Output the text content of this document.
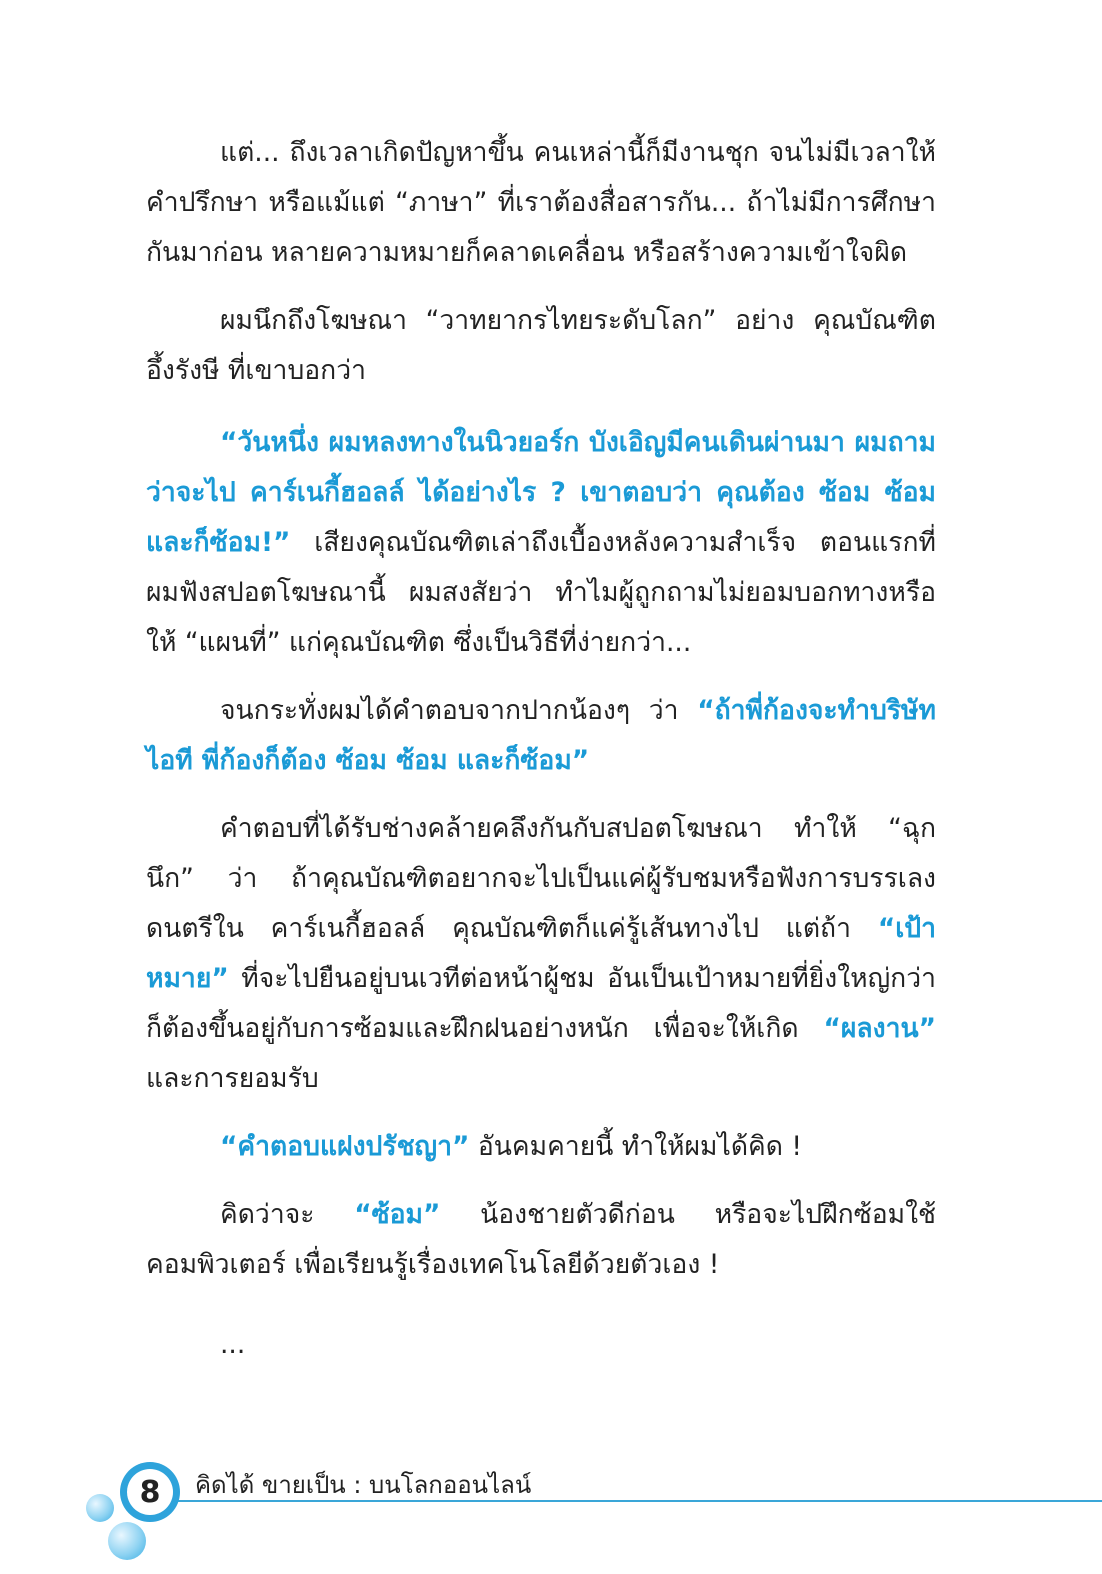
แต่... ถึงเวลาเกิดปัญหาขึ้น คนเหล่านี้ก็มีงานชุก จนไม่มีเวลาให้คำปรึกษา หรือแม้แต่ “ภาษา” ที่เราต้องสื่อสารกัน... ถ้าไม่มีการศึกษากันมาก่อน หลายความหมายก็คลาดเคลื่อน หรือสร้างความเข้าใจผิด

ผมนึกถึงโฆษณา “วาทยากรไทยระดับโลก” อย่าง คุณบัณฑิต อึ้งรังษี ที่เขาบอกว่า

“วันหนึ่ง ผมหลงทางในนิวยอร์ก บังเอิญมีคนเดินผ่านมา ผมถามว่าจะไป คาร์เนกี้ฮอลล์ ได้อย่างไร ? เขาตอบว่า คุณต้อง ซ้อม ซ้อม และก็ซ้อม!” เสียงคุณบัณฑิตเล่าถึงเบื้องหลังความสำเร็จ ตอนแรกที่ผมฟังสปอตโฆษณานี้ ผมสงสัยว่า ทำไมผู้ถูกถามไม่ยอมบอกทางหรือให้ “แผนที่” แก่คุณบัณฑิต ซึ่งเป็นวิธีที่ง่ายกว่า...

จนกระทั่งผมได้คำตอบจากปากน้องๆ ว่า “ถ้าพี่ก้องจะทำบริษัท ไอที พี่ก้องก็ต้อง ซ้อม ซ้อม และก็ซ้อม”

คำตอบที่ได้รับช่างคล้ายคลึงกันกับสปอตโฆษณา ทำให้ “ฉุกนึก” ว่า ถ้าคุณบัณฑิตอยากจะไปเป็นแค่ผู้รับชมหรือฟังการบรรเลงดนตรีใน คาร์เนกี้ฮอลล์ คุณบัณฑิตก็แค่รู้เส้นทางไป แต่ถ้า “เป้าหมาย” ที่จะไปยืนอยู่บนเวทีต่อหน้าผู้ชม อันเป็นเป้าหมายที่ยิ่งใหญ่กว่า ก็ต้องขึ้นอยู่กับการซ้อมและฝึกฝนอย่างหนัก เพื่อจะให้เกิด “ผลงาน” และการยอมรับ

“คำตอบแฝงปรัชญา” อันคมคายนี้ ทำให้ผมได้คิด !

คิดว่าจะ “ซ้อม” น้องชายตัวดีก่อน หรือจะไปฝึกซ้อมใช้คอมพิวเตอร์ เพื่อเรียนรู้เรื่องเทคโนโลยีด้วยตัวเอง !

...
8	คิดได้ ขายเป็น : บนโลกออนไลน์
